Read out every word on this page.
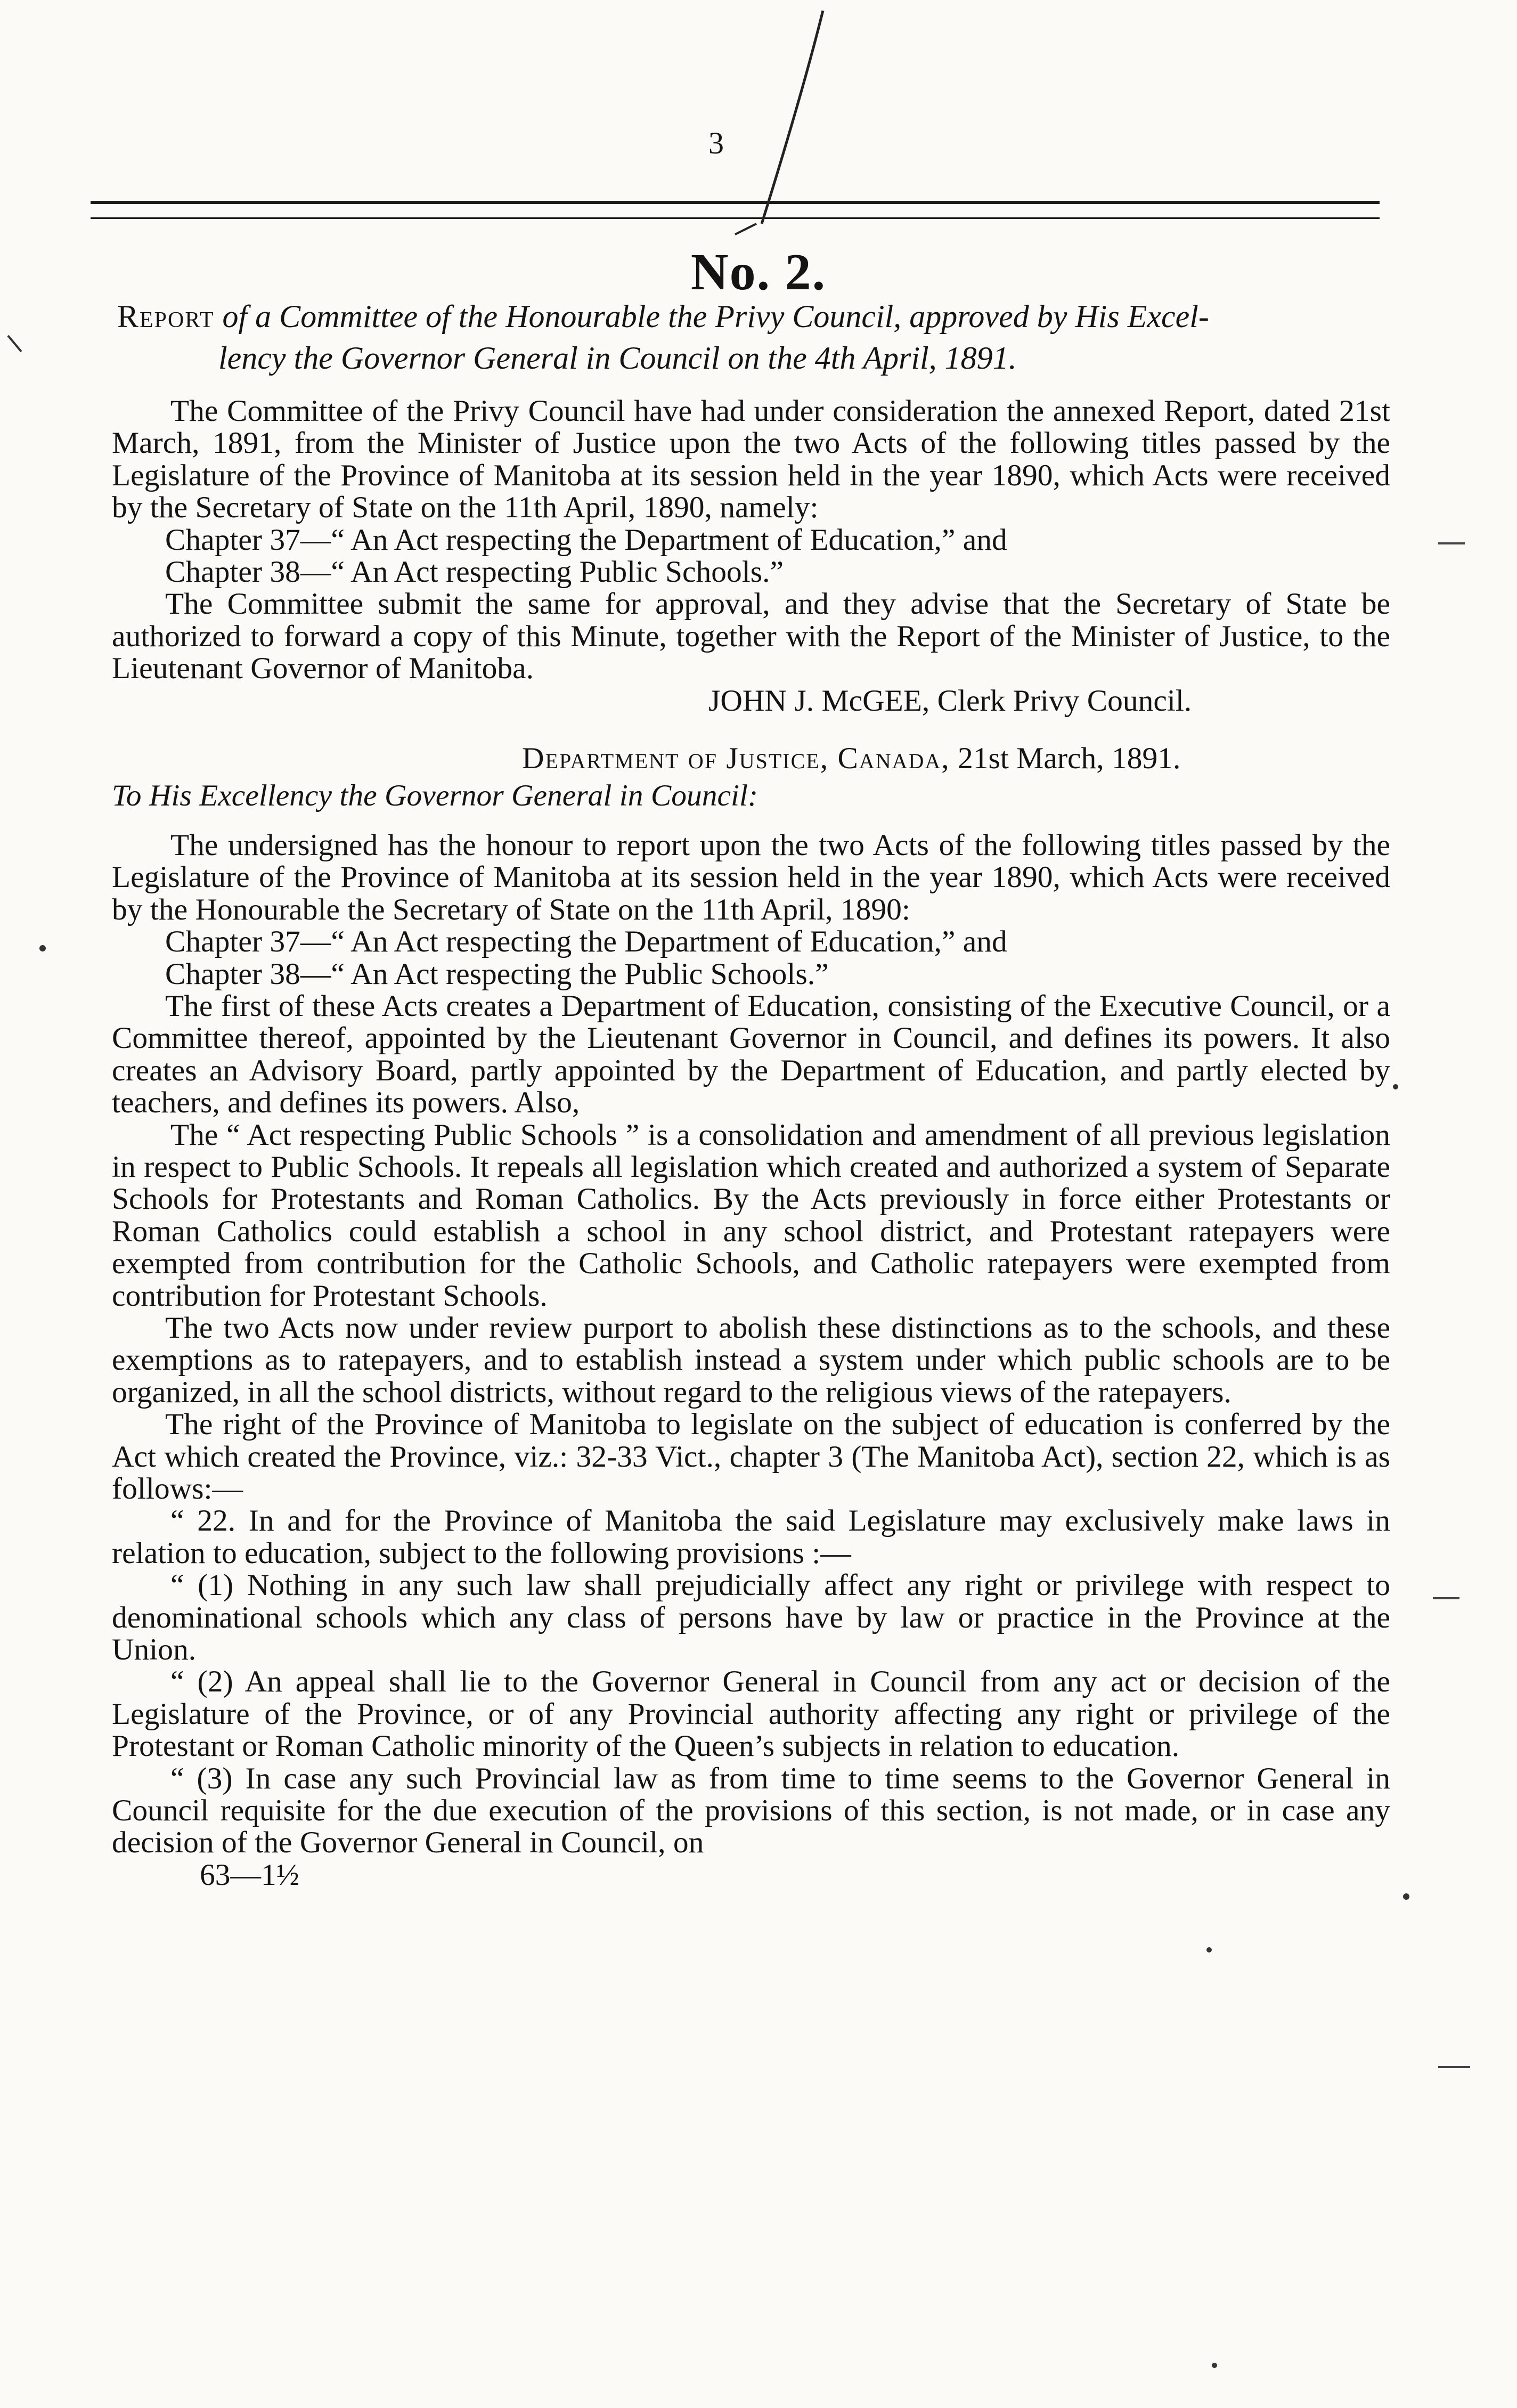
3
No. 2.
Report of a Committee of the Honourable the Privy Council, approved by His Excel-
lency the Governor General in Council on the 4th April, 1891.

The Committee of the Privy Council have had under consideration the annexed Report, dated 21st March, 1891, from the Minister of Justice upon the two Acts of the following titles passed by the Legislature of the Province of Manitoba at its session held in the year 1890, which Acts were received by the Secretary of State on the 11th April, 1890, namely:

Chapter 37—“ An Act respecting the Department of Education,” and

Chapter 38—“ An Act respecting Public Schools.”

The Committee submit the same for approval, and they advise that the Secretary of State be authorized to forward a copy of this Minute, together with the Report of the Minister of Justice, to the Lieutenant Governor of Manitoba.

JOHN J. McGEE, Clerk Privy Council.

Department of Justice, Canada, 21st March, 1891.

To His Excellency the Governor General in Council:

The undersigned has the honour to report upon the two Acts of the following titles passed by the Legislature of the Province of Manitoba at its session held in the year 1890, which Acts were received by the Honourable the Secretary of State on the 11th April, 1890:

Chapter 37—“ An Act respecting the Department of Education,” and

Chapter 38—“ An Act respecting the Public Schools.”

The first of these Acts creates a Department of Education, consisting of the Executive Council, or a Committee thereof, appointed by the Lieutenant Governor in Council, and defines its powers. It also creates an Advisory Board, partly appointed by the Department of Education, and partly elected by teachers, and defines its powers. Also,

The “ Act respecting Public Schools ” is a consolidation and amendment of all previous legislation in respect to Public Schools. It repeals all legislation which created and authorized a system of Separate Schools for Protestants and Roman Catholics. By the Acts previously in force either Protestants or Roman Catholics could establish a school in any school district, and Protestant ratepayers were exempted from contribution for the Catholic Schools, and Catholic ratepayers were exempted from contribution for Protestant Schools.

The two Acts now under review purport to abolish these distinctions as to the schools, and these exemptions as to ratepayers, and to establish instead a system under which public schools are to be organized, in all the school districts, without regard to the religious views of the ratepayers.

The right of the Province of Manitoba to legislate on the subject of education is conferred by the Act which created the Province, viz.: 32-33 Vict., chapter 3 (The Manitoba Act), section 22, which is as follows:—

“ 22. In and for the Province of Manitoba the said Legislature may exclusively make laws in relation to education, subject to the following provisions :—

“ (1) Nothing in any such law shall prejudicially affect any right or privilege with respect to denominational schools which any class of persons have by law or practice in the Province at the Union.

“ (2) An appeal shall lie to the Governor General in Council from any act or decision of the Legislature of the Province, or of any Provincial authority affecting any right or privilege of the Protestant or Roman Catholic minority of the Queen’s subjects in relation to education.

“ (3) In case any such Provincial law as from time to time seems to the Governor General in Council requisite for the due execution of the provisions of this section, is not made, or in case any decision of the Governor General in Council, on

63—1½
